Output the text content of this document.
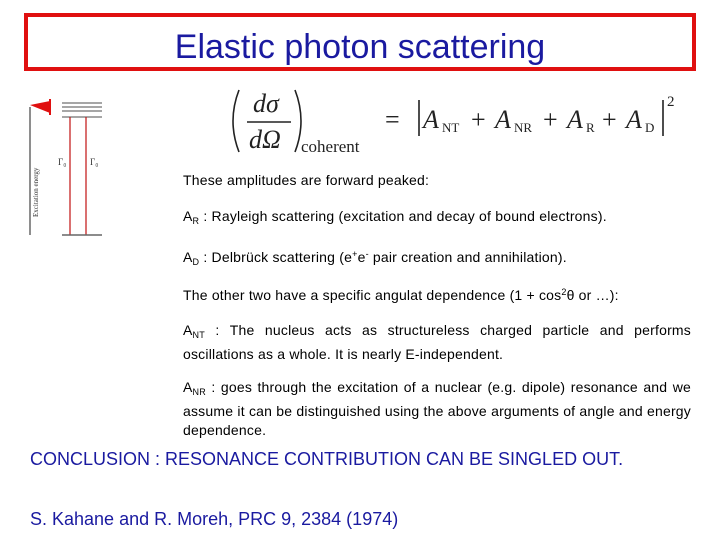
Elastic photon scattering
Excitation energy
Γ₀	Γ₀
dσ
dΩ coherent
= A NT + A NR + A R + A D
2
These amplitudes are forward peaked:
$A_R$ : Rayleigh scattering (excitation and decay of bound electrons).
$A_D$ : Delbrück scattering (e+e- pair creation and annihilation).
The other two have a specific angulat dependence ($1 + \cos^2\theta$ or …):
$A_{NT}$ : The nucleus acts as structureless charged particle and performs oscillations as a whole. It is nearly E-independent.
$A_{NR}$ : goes through the excitation of a nuclear (e.g. dipole) resonance and we assume it can be distinguished using the above arguments of angle and energy dependence.
CONCLUSION : RESONANCE CONTRIBUTION CAN BE SINGLED OUT.
S. Kahane and R. Moreh, PRC 9, 2384 (1974)
